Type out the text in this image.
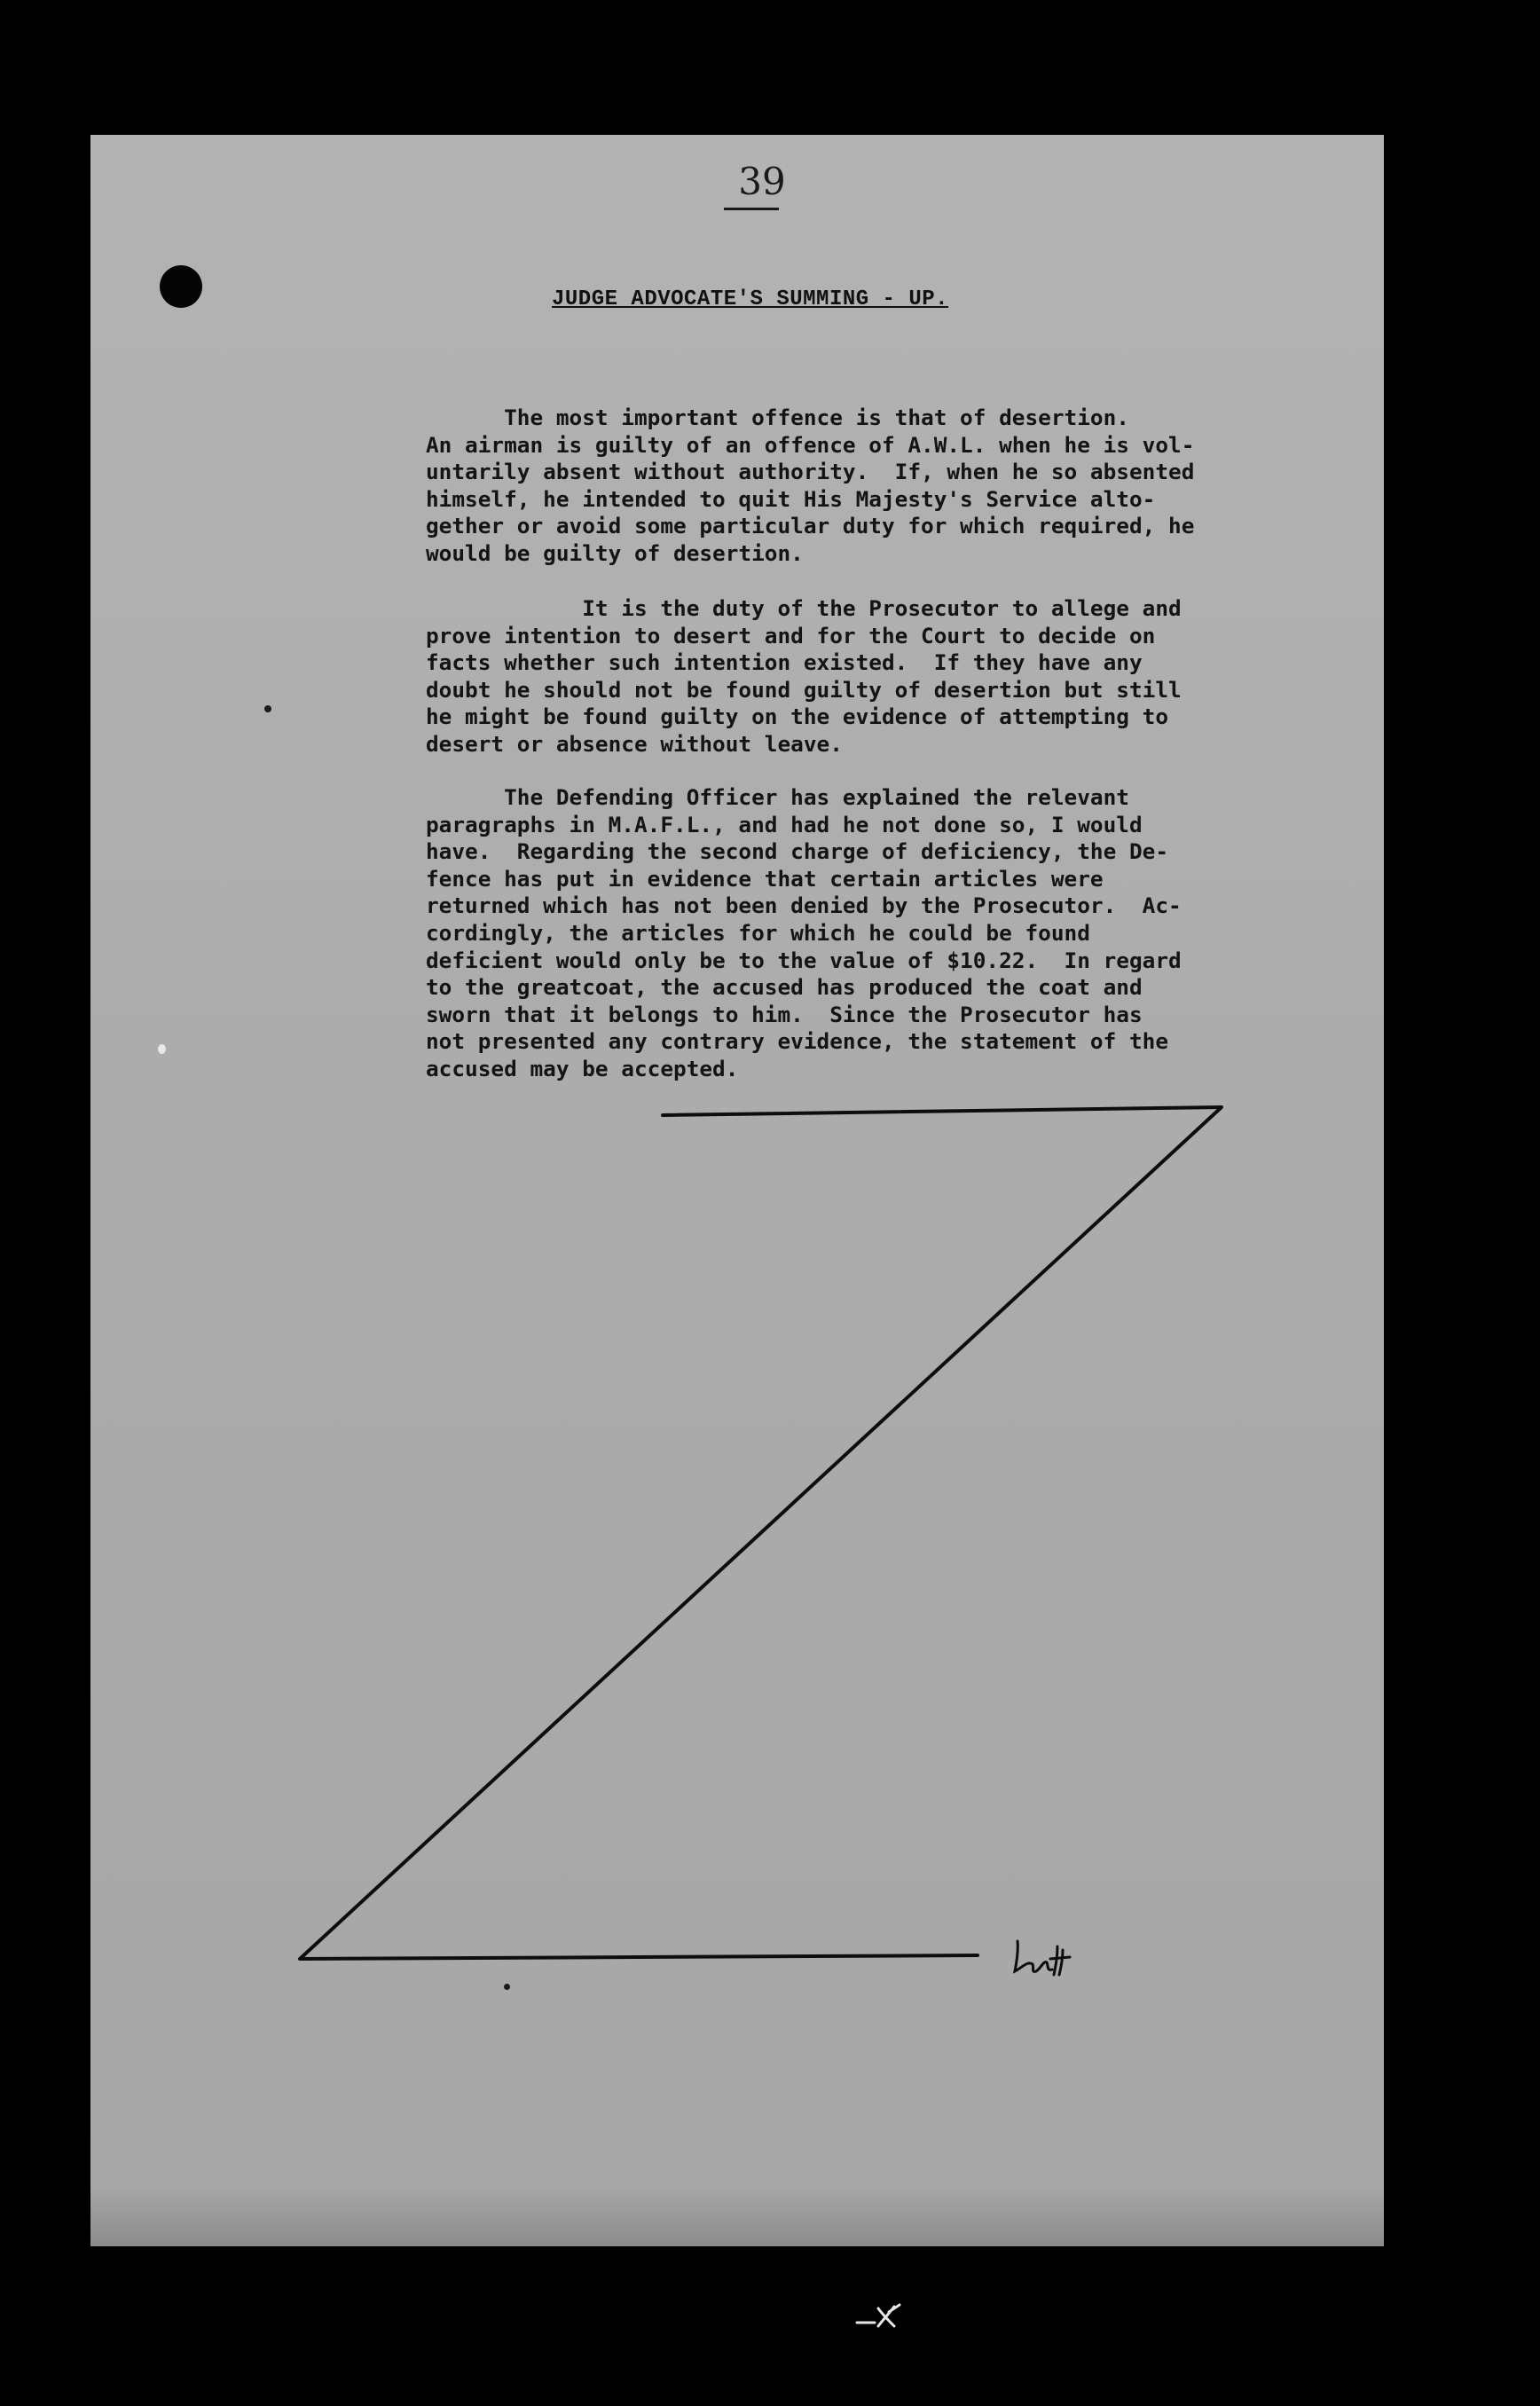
39
JUDGE ADVOCATE'S SUMMING - UP.
The most important offence is that of desertion.
An airman is guilty of an offence of A.W.L. when he is vol-
untarily absent without authority.  If, when he so absented
himself, he intended to quit His Majesty's Service alto-
gether or avoid some particular duty for which required, he
would be guilty of desertion.
It is the duty of the Prosecutor to allege and
prove intention to desert and for the Court to decide on
facts whether such intention existed.  If they have any
doubt he should not be found guilty of desertion but still
he might be found guilty on the evidence of attempting to
desert or absence without leave.
The Defending Officer has explained the relevant
paragraphs in M.A.F.L., and had he not done so, I would
have.  Regarding the second charge of deficiency, the De-
fence has put in evidence that certain articles were
returned which has not been denied by the Prosecutor.  Ac-
cordingly, the articles for which he could be found
deficient would only be to the value of $10.22.  In regard
to the greatcoat, the accused has produced the coat and
sworn that it belongs to him.  Since the Prosecutor has
not presented any contrary evidence, the statement of the
accused may be accepted.
